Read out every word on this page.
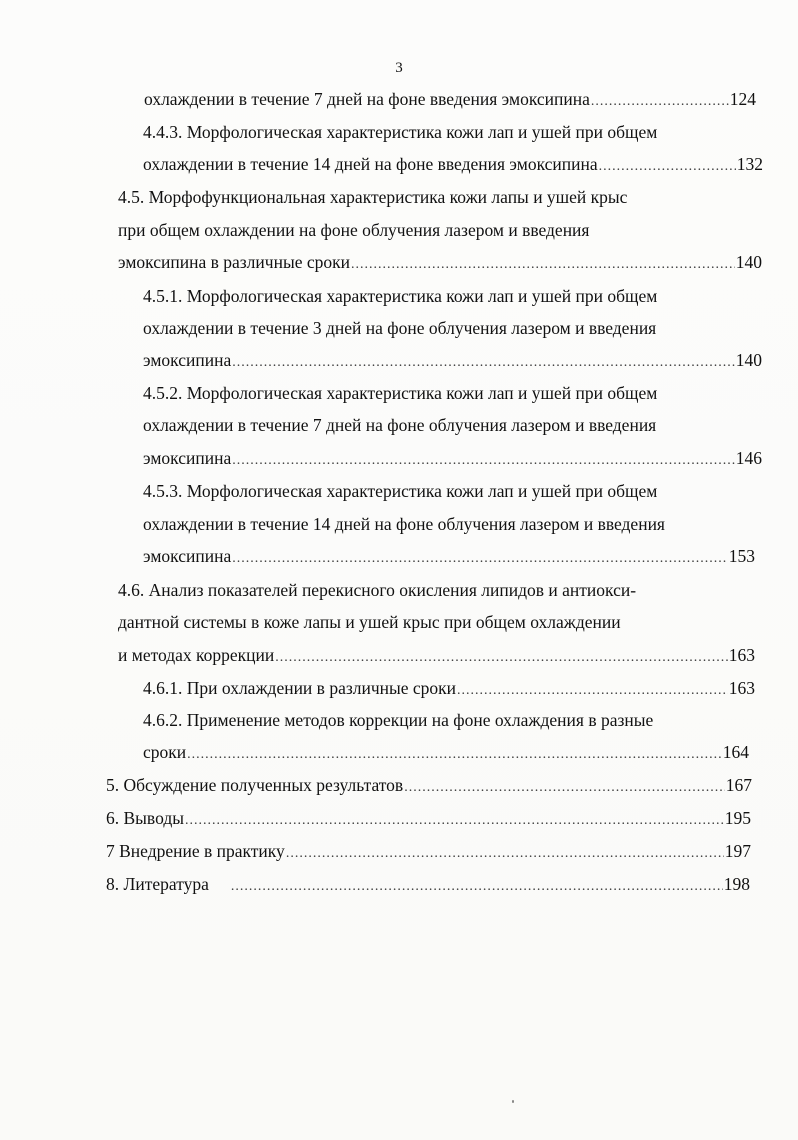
3
охлаждении в течение 7 дней на фоне введения эмоксипина .....	124
4.4.3. Морфологическая характеристика кожи лап и ушей при общем
охлаждении в течение 14 дней на фоне введения эмоксипина .....	132
4.5. Морфофункциональная характеристика кожи лапы и ушей крыс
при общем охлаждении на фоне облучения лазером и введения
эмоксипина в различные сроки .....	140
4.5.1. Морфологическая характеристика кожи лап и ушей при общем
охлаждении в течение 3 дней на фоне облучения лазером и введения
эмоксипина .....	140
4.5.2. Морфологическая характеристика кожи лап и ушей при общем
охлаждении в течение 7 дней на фоне облучения лазером и введения
эмоксипина .....	146
4.5.3. Морфологическая характеристика кожи лап и ушей при общем
охлаждении в течение 14 дней на фоне облучения лазером и введения
эмоксипина .....	153
4.6. Анализ показателей перекисного окисления липидов и антиокси-
дантной системы в коже лапы и ушей крыс при общем охлаждении
и методах коррекции .....	163
4.6.1. При охлаждении в различные сроки .....	163
4.6.2. Применение методов коррекции на фоне охлаждения в разные
сроки .....	164
5. Обсуждение полученных результатов .....	167
6. Выводы .....	195
7 Внедрение в практику .....	197
8. Литература .....	198
